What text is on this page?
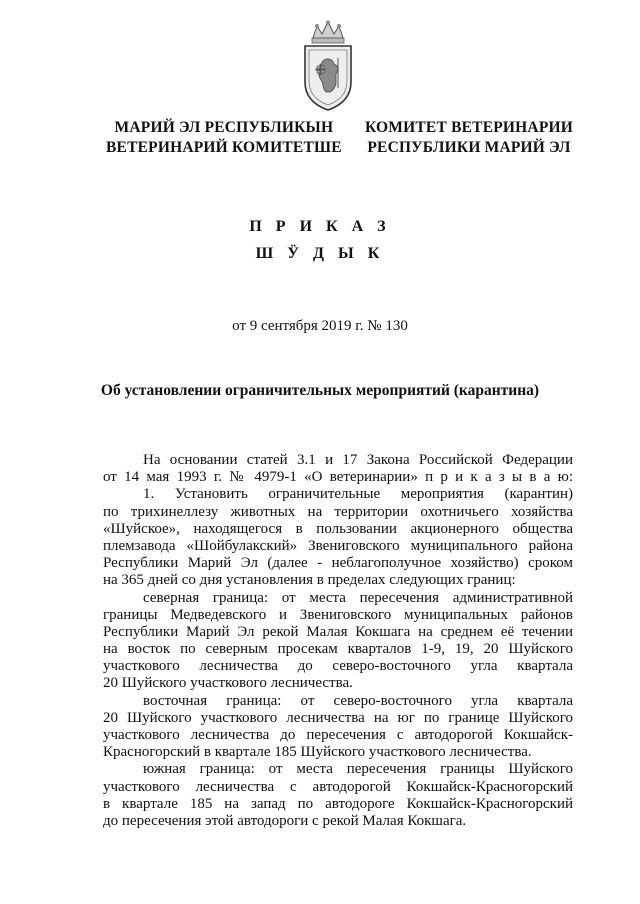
МАРИЙ ЭЛ РЕСПУБЛИКЫН
ВЕТЕРИНАРИЙ КОМИТЕТШЕ
КОМИТЕТ ВЕТЕРИНАРИИ
РЕСПУБЛИКИ МАРИЙ ЭЛ
П Р И К А З
Ш Ӱ Д Ы К
от 9 сентября 2019 г. № 130
Об установлении ограничительных мероприятий (карантина)
На основании статей 3.1 и 17 Закона Российской Федерации
от 14 мая 1993 г. № 4979-1 «О ветеринарии» п р и к а з ы в а ю:
1. Установить ограничительные мероприятия (карантин)
по трихинеллезу животных на территории охотничьего хозяйства
«Шуйское», находящегося в пользовании акционерного общества
племзавода «Шойбулакский» Звениговского муниципального района
Республики Марий Эл (далее - неблагополучное хозяйство) сроком
на 365 дней со дня установления в пределах следующих границ:
северная граница: от места пересечения административной
границы Медведевского и Звениговского муниципальных районов
Республики Марий Эл рекой Малая Кокшага на среднем её течении
на восток по северным просекам кварталов 1-9, 19, 20 Шуйского
участкового лесничества до северо-восточного угла квартала
20 Шуйского участкового лесничества.
восточная граница: от северо-восточного угла квартала
20 Шуйского участкового лесничества на юг по границе Шуйского
участкового лесничества до пересечения с автодорогой Кокшайск-
Красногорский в квартале 185 Шуйского участкового лесничества.
южная граница: от места пересечения границы Шуйского
участкового лесничества с автодорогой Кокшайск-Красногорский
в квартале 185 на запад по автодороге Кокшайск-Красногорский
до пересечения этой автодороги с рекой Малая Кокшага.
